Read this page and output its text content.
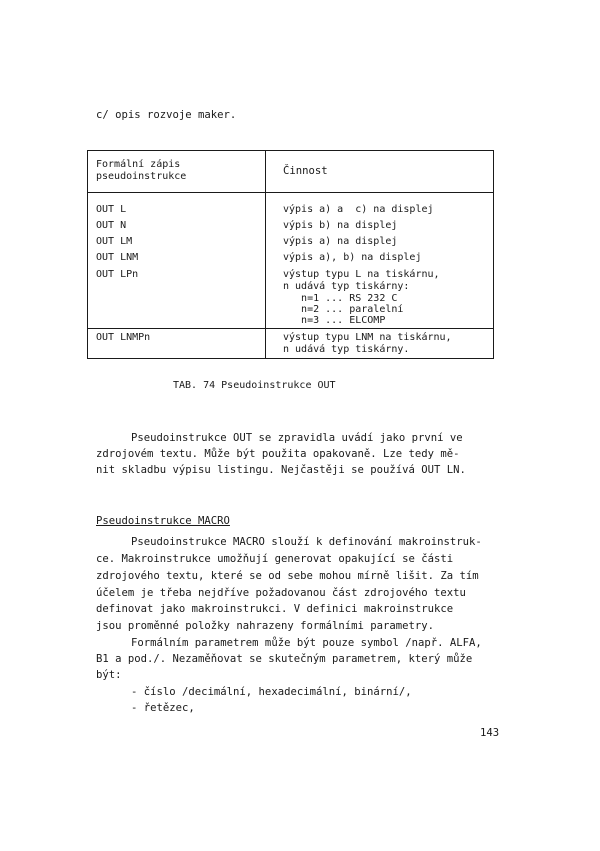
c/ opis rozvoje maker.
Formální zápis
pseudoinstrukce	Činnost
OUT L	výpis a) a  c) na displej
OUT N	výpis b) na displej
OUT LM	výpis a) na displej
OUT LNM	výpis a), b) na displej
OUT LPn	výstup typu L na tiskárnu,
n udává typ tiskárny:
n=1 ... RS 232 C
n=2 ... paralelní
n=3 ... ELCOMP
OUT LNMPn	výstup typu LNM na tiskárnu,
n udává typ tiskárny.
TAB. 74 Pseudoinstrukce OUT
Pseudoinstrukce OUT se zpravidla uvádí jako první ve
zdrojovém textu. Může být použita opakovaně. Lze tedy mě-
nit skladbu výpisu listingu. Nejčastěji se používá OUT LN.
Pseudoinstrukce MACRO
Pseudoinstrukce MACRO slouží k definování makroinstruk-
ce. Makroinstrukce umožňují generovat opakující se části
zdrojového textu, které se od sebe mohou mírně lišit. Za tím
účelem je třeba nejdříve požadovanou část zdrojového textu
definovat jako makroinstrukci. V definici makroinstrukce
jsou proměnné položky nahrazeny formálními parametry.
Formálním parametrem může být pouze symbol /např. ALFA,
B1 a pod./. Nezaměňovat se skutečným parametrem, který může
být:
- číslo /decimální, hexadecimální, binární/,
- řetězec,
143
